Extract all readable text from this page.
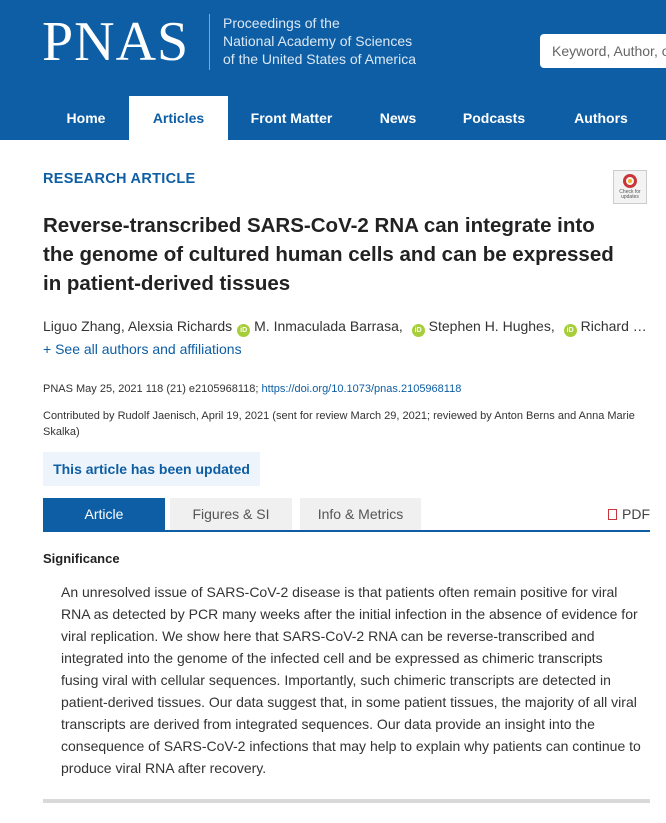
PNAS Proceedings of the
National Academy of Sciences
of the United States of America
Keyword, Author, or DOI
Home	Articles	Front Matter	News	Podcasts	Authors
RESEARCH ARTICLE
Check for updates
Reverse-transcribed SARS-CoV-2 RNA can integrate into the genome of cultured human cells and can be expressed in patient-derived tissues
Liguo Zhang, Alexsia Richards iD M. Inmaculada Barrasa, iD Stephen H. Hughes, iD Richard …
+ See all authors and affiliations
PNAS May 25, 2021 118 (21) e2105968118; https://doi.org/10.1073/pnas.2105968118
Contributed by Rudolf Jaenisch, April 19, 2021 (sent for review March 29, 2021; reviewed by Anton Berns and Anna Marie Skalka)
This article has been updated
Article	Figures & SI	Info & Metrics	PDF
Significance
An unresolved issue of SARS-CoV-2 disease is that patients often remain positive for viral RNA as detected by PCR many weeks after the initial infection in the absence of evidence for viral replication. We show here that SARS-CoV-2 RNA can be reverse-transcribed and integrated into the genome of the infected cell and be expressed as chimeric transcripts fusing viral with cellular sequences. Importantly, such chimeric transcripts are detected in patient-derived tissues. Our data suggest that, in some patient tissues, the majority of all viral transcripts are derived from integrated sequences. Our data provide an insight into the consequence of SARS-CoV-2 infections that may help to explain why patients can continue to produce viral RNA after recovery.
